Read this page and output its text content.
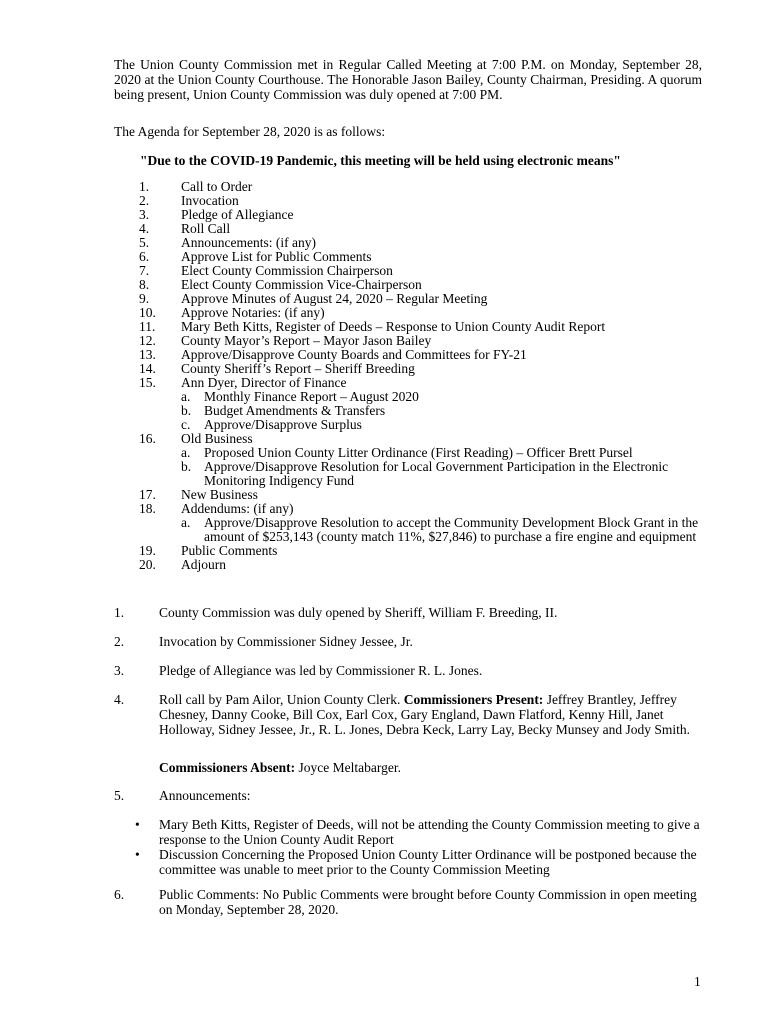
The Union County Commission met in Regular Called Meeting at 7:00 P.M. on Monday, September 28, 2020 at the Union County Courthouse. The Honorable Jason Bailey, County Chairman, Presiding. A quorum being present, Union County Commission was duly opened at 7:00 PM.
The Agenda for September 28, 2020 is as follows:
"Due to the COVID-19 Pandemic, this meeting will be held using electronic means"
1.	Call to Order
2.	Invocation
3.	Pledge of Allegiance
4.	Roll Call
5.	Announcements: (if any)
6.	Approve List for Public Comments
7.	Elect County Commission Chairperson
8.	Elect County Commission Vice-Chairperson
9.	Approve Minutes of August 24, 2020 – Regular Meeting
10.	Approve Notaries: (if any)
11.	Mary Beth Kitts, Register of Deeds – Response to Union County Audit Report
12.	County Mayor’s Report – Mayor Jason Bailey
13.	Approve/Disapprove County Boards and Committees for FY-21
14.	County Sheriff’s Report – Sheriff Breeding
15.	Ann Dyer, Director of Finance
a.	Monthly Finance Report – August 2020
b. Budget Amendments & Transfers
c.	Approve/Disapprove Surplus
16.	Old Business
a.	Proposed Union County Litter Ordinance (First Reading) – Officer Brett Pursel
b. Approve/Disapprove Resolution for Local Government Participation in the Electronic Monitoring Indigency Fund
17.	New Business
18.	Addendums: (if any)
a.	Approve/Disapprove Resolution to accept the Community Development Block Grant in the amount of $253,143 (county match 11%, $27,846) to purchase a fire engine and equipment
19.	Public Comments
20.	Adjourn
1.	County Commission was duly opened by Sheriff, William F. Breeding, II.
2.	Invocation by Commissioner Sidney Jessee, Jr.
3.	Pledge of Allegiance was led by Commissioner R. L. Jones.
4.	Roll call by Pam Ailor, Union County Clerk. Commissioners Present: Jeffrey Brantley, Jeffrey Chesney, Danny Cooke, Bill Cox, Earl Cox, Gary England, Dawn Flatford, Kenny Hill, Janet Holloway, Sidney Jessee, Jr., R. L. Jones, Debra Keck, Larry Lay, Becky Munsey and Jody Smith.
Commissioners Absent: Joyce Meltabarger.
5.	Announcements:
•	Mary Beth Kitts, Register of Deeds, will not be attending the County Commission meeting to give a response to the Union County Audit Report
•	Discussion Concerning the Proposed Union County Litter Ordinance will be postponed because the committee was unable to meet prior to the County Commission Meeting
6.	Public Comments: No Public Comments were brought before County Commission in open meeting on Monday, September 28, 2020.
1
